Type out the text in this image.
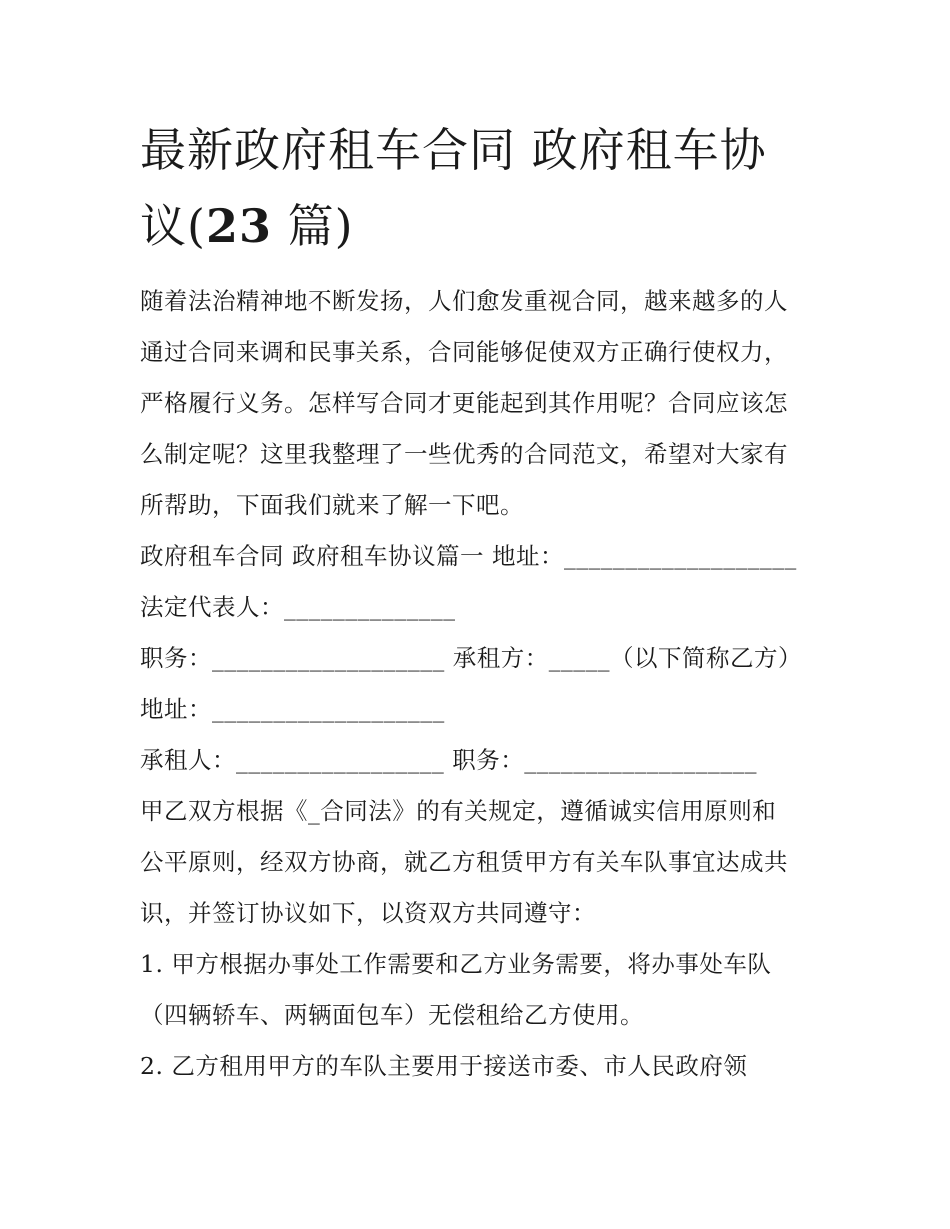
最新政府租车合同 政府租车协
议(23 篇)
随着法治精神地不断发扬，人们愈发重视合同，越来越多的人
通过合同来调和民事关系，合同能够促使双方正确行使权力，
严格履行义务。怎样写合同才更能起到其作用呢？合同应该怎
么制定呢？这里我整理了一些优秀的合同范文，希望对大家有
所帮助，下面我们就来了解一下吧。
政府租车合同 政府租车协议篇一 地址：___________________
法定代表人：______________
职务：___________________ 承租方：_____（以下简称乙方）
地址：___________________
承租人：_________________ 职务：___________________
甲乙双方根据《_合同法》的有关规定，遵循诚实信用原则和
公平原则，经双方协商，就乙方租赁甲方有关车队事宜达成共
识，并签订协议如下，以资双方共同遵守：
1. 甲方根据办事处工作需要和乙方业务需要，将办事处车队
（四辆轿车、两辆面包车）无偿租给乙方使用。
2. 乙方租用甲方的车队主要用于接送市委、市人民政府领
